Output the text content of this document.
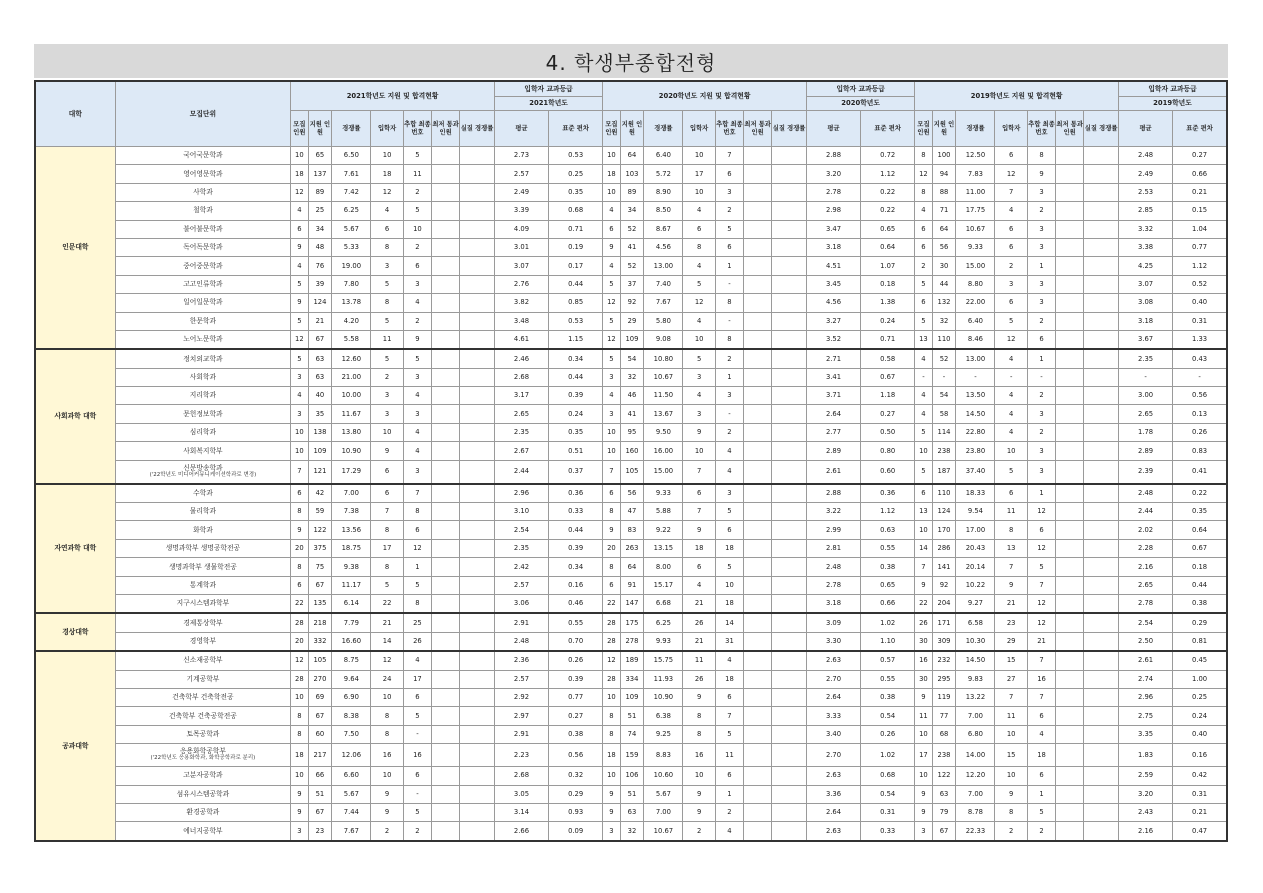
4. 학생부종합전형
대학	모집단위	2021학년도 지원 및 합격현황							입학자 교과등급		2020학년도 지원 및 합격현황							입학자 교과등급		2019학년도 지원 및 합격현황							입학자 교과등급	
									2021학년도									2020학년도									2019학년도	
		모집 인원	지원 인원	경쟁률	입학자	추합 최종 번호	최저 통과 인원	실질 경쟁률	평균	표준 편차	모집 인원	지원 인원	경쟁률	입학자	추합 최종 번호	최저 통과 인원	실질 경쟁률	평균	표준 편차	모집 인원	지원 인원	경쟁률	입학자	추합 최종 번호	최저 통과 인원	실질 경쟁률	평균	표준 편차
인문대학	국어국문학과	10	65	6.50	10	5			2.73	0.53	10	64	6.40	10	7			2.88	0.72	8	100	12.50	6	8			2.48	0.27
	영어영문학과	18	137	7.61	18	11			2.57	0.25	18	103	5.72	17	6			3.20	1.12	12	94	7.83	12	9			2.49	0.66
	사학과	12	89	7.42	12	2			2.49	0.35	10	89	8.90	10	3			2.78	0.22	8	88	11.00	7	3			2.53	0.21
	철학과	4	25	6.25	4	5			3.39	0.68	4	34	8.50	4	2			2.98	0.22	4	71	17.75	4	2			2.85	0.15
	불어불문학과	6	34	5.67	6	10			4.09	0.71	6	52	8.67	6	5			3.47	0.65	6	64	10.67	6	3			3.32	1.04
	독어독문학과	9	48	5.33	8	2			3.01	0.19	9	41	4.56	8	6			3.18	0.64	6	56	9.33	6	3			3.38	0.77
	중어중문학과	4	76	19.00	3	6			3.07	0.17	4	52	13.00	4	1			4.51	1.07	2	30	15.00	2	1			4.25	1.12
	고고인류학과	5	39	7.80	5	3			2.76	0.44	5	37	7.40	5	-			3.45	0.18	5	44	8.80	3	3			3.07	0.52
	일어일문학과	9	124	13.78	8	4			3.82	0.85	12	92	7.67	12	8			4.56	1.38	6	132	22.00	6	3			3.08	0.40
	한문학과	5	21	4.20	5	2			3.48	0.53	5	29	5.80	4	-			3.27	0.24	5	32	6.40	5	2			3.18	0.31
	노어노문학과	12	67	5.58	11	9			4.61	1.15	12	109	9.08	10	8			3.52	0.71	13	110	8.46	12	6			3.67	1.33
사회과학 대학	정치외교학과	5	63	12.60	5	5			2.46	0.34	5	54	10.80	5	2			2.71	0.58	4	52	13.00	4	1			2.35	0.43
	사회학과	3	63	21.00	2	3			2.68	0.44	3	32	10.67	3	1			3.41	0.67	-	-	-	-	-			-	-
	지리학과	4	40	10.00	3	4			3.17	0.39	4	46	11.50	4	3			3.71	1.18	4	54	13.50	4	2			3.00	0.56
	문헌정보학과	3	35	11.67	3	3			2.65	0.24	3	41	13.67	3	-			2.64	0.27	4	58	14.50	4	3			2.65	0.13
	심리학과	10	138	13.80	10	4			2.35	0.35	10	95	9.50	9	2			2.77	0.50	5	114	22.80	4	2			1.78	0.26
	사회복지학부	10	109	10.90	9	4			2.67	0.51	10	160	16.00	10	4			2.89	0.80	10	238	23.80	10	3			2.89	0.83
	신문방송학과
('22학년도 미디어커뮤니케이션학과로 변경)	7	121	17.29	6	3			2.44	0.37	7	105	15.00	7	4			2.61	0.60	5	187	37.40	5	3			2.39	0.41
자연과학 대학	수학과	6	42	7.00	6	7			2.96	0.36	6	56	9.33	6	3			2.88	0.36	6	110	18.33	6	1			2.48	0.22
	물리학과	8	59	7.38	7	8			3.10	0.33	8	47	5.88	7	5			3.22	1.12	13	124	9.54	11	12			2.44	0.35
	화학과	9	122	13.56	8	6			2.54	0.44	9	83	9.22	9	6			2.99	0.63	10	170	17.00	8	6			2.02	0.64
	생명과학부 생명공학전공	20	375	18.75	17	12			2.35	0.39	20	263	13.15	18	18			2.81	0.55	14	286	20.43	13	12			2.28	0.67
	생명과학부 생물학전공	8	75	9.38	8	1			2.42	0.34	8	64	8.00	6	5			2.48	0.38	7	141	20.14	7	5			2.16	0.18
	통계학과	6	67	11.17	5	5			2.57	0.16	6	91	15.17	4	10			2.78	0.65	9	92	10.22	9	7			2.65	0.44
	지구시스템과학부	22	135	6.14	22	8			3.06	0.46	22	147	6.68	21	18			3.18	0.66	22	204	9.27	21	12			2.78	0.38
경상대학	경제통상학부	28	218	7.79	21	25			2.91	0.55	28	175	6.25	26	14			3.09	1.02	26	171	6.58	23	12			2.54	0.29
	경영학부	20	332	16.60	14	26			2.48	0.70	28	278	9.93	21	31			3.30	1.10	30	309	10.30	29	21			2.50	0.81
공과대학	신소재공학부	12	105	8.75	12	4			2.36	0.26	12	189	15.75	11	4			2.63	0.57	16	232	14.50	15	7			2.61	0.45
	기계공학부	28	270	9.64	24	17			2.57	0.39	28	334	11.93	26	18			2.70	0.55	30	295	9.83	27	16			2.74	1.00
	건축학부 건축학전공	10	69	6.90	10	6			2.92	0.77	10	109	10.90	9	6			2.64	0.38	9	119	13.22	7	7			2.96	0.25
	건축학부 건축공학전공	8	67	8.38	8	5			2.97	0.27	8	51	6.38	8	7			3.33	0.54	11	77	7.00	11	6			2.75	0.24
	토목공학과	8	60	7.50	8	-			2.91	0.38	8	74	9.25	8	5			3.40	0.26	10	68	6.80	10	4			3.35	0.40
	응용화학공학부
('22학년도 응용화학과, 화학공학과로 분리)	18	217	12.06	16	16			2.23	0.56	18	159	8.83	16	11			2.70	1.02	17	238	14.00	15	18			1.83	0.16
	고분자공학과	10	66	6.60	10	6			2.68	0.32	10	106	10.60	10	6			2.63	0.68	10	122	12.20	10	6			2.59	0.42
	섬유시스템공학과	9	51	5.67	9	-			3.05	0.29	9	51	5.67	9	1			3.36	0.54	9	63	7.00	9	1			3.20	0.31
	환경공학과	9	67	7.44	9	5			3.14	0.93	9	63	7.00	9	2			2.64	0.31	9	79	8.78	8	5			2.43	0.21
	에너지공학부	3	23	7.67	2	2			2.66	0.09	3	32	10.67	2	4			2.63	0.33	3	67	22.33	2	2			2.16	0.47
